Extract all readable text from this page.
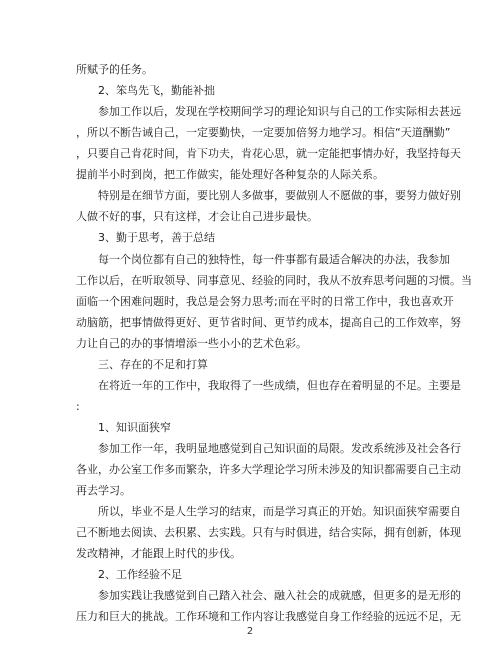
所赋予的任务。
2、笨鸟先飞，勤能补拙
参加工作以后，发现在学校期间学习的理论知识与自己的工作实际相去甚远
，所以不断告诫自己，一定要勤快，一定要加倍努力地学习。相信“天道酬勤”
，只要自己肯花时间，肯下功夫，肯花心思，就一定能把事情办好，我坚持每天
提前半小时到岗，把工作做实，能处理好各种复杂的人际关系。
特别是在细节方面，要比别人多做事，要做别人不愿做的事，要努力做好别
人做不好的事，只有这样，才会让自己进步最快。
3、勤于思考，善于总结
每一个岗位都有自己的独特性，每一件事都有最适合解决的办法，我参加
工作以后，在听取领导、同事意见、经验的同时，我从不放弃思考问题的习惯。当
面临一个困难问题时，我总是会努力思考;而在平时的日常工作中，我也喜欢开
动脑筋，把事情做得更好、更节省时间、更节约成本，提高自己的工作效率，努
力让自己的办的事情增添一些小小的艺术色彩。
三、存在的不足和打算
在将近一年的工作中，我取得了一些成绩，但也存在着明显的不足。主要是
:
1、知识面狭窄
参加工作一年，我明显地感觉到自己知识面的局限。发改系统涉及社会各行
各业，办公室工作多而繁杂，许多大学理论学习所未涉及的知识都需要自己主动
再去学习。
所以，毕业不是人生学习的结束，而是学习真正的开始。知识面狭窄需要自
己不断地去阅读、去积累、去实践。只有与时俱进，结合实际，拥有创新，体现
发改精神，才能跟上时代的步伐。
2、工作经验不足
参加实践让我感觉到自己踏入社会、融入社会的成就感，但更多的是无形的
压力和巨大的挑战。工作环境和工作内容让我感觉自身工作经验的远远不足，无
2
